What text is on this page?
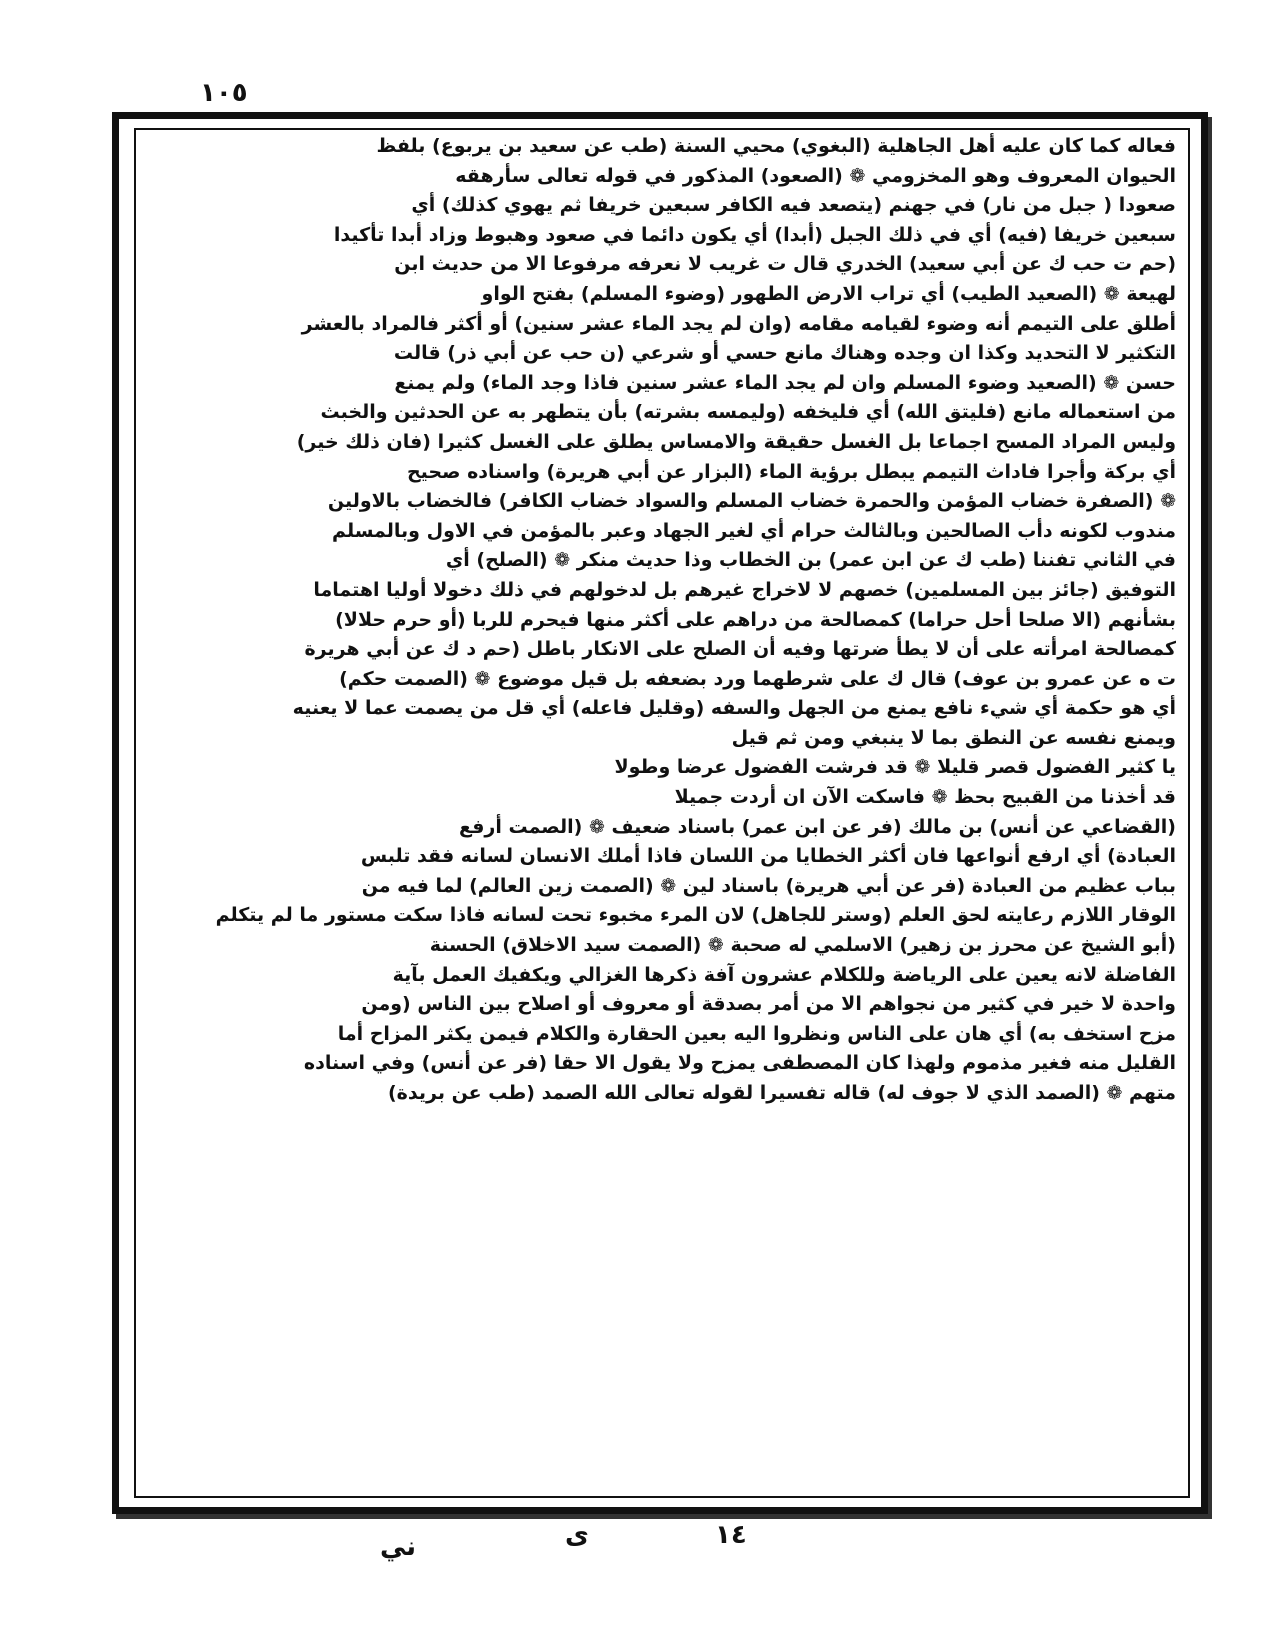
١٠٥
فعاله كما كان عليه أهل الجاهلية (البغوي) محيي السنة (طب عن سعيد بن يربوع) بلفظ
الحيوان المعروف وهو المخزومي ❁ (الصعود) المذكور في قوله تعالى سأرهقه
صعودا ( جبل من نار) في جهنم (يتصعد فيه الكافر سبعين خريفا ثم يهوي كذلك) أي
سبعين خريفا (فيه) أي في ذلك الجبل (أبدا) أي يكون دائما في صعود وهبوط وزاد أبدا تأكيدا
(حم ت حب ك عن أبي سعيد) الخدري قال ت غريب لا نعرفه مرفوعا الا من حديث ابن
لهيعة ❁ (الصعيد الطيب) أي تراب الارض الطهور (وضوء المسلم) بفتح الواو
أطلق على التيمم أنه وضوء لقيامه مقامه (وان لم يجد الماء عشر سنين) أو أكثر فالمراد بالعشر
التكثير لا التحديد وكذا ان وجده وهناك مانع حسي أو شرعي (ن حب عن أبي ذر) قالت
حسن ❁ (الصعيد وضوء المسلم وان لم يجد الماء عشر سنين فاذا وجد الماء) ولم يمنع
من استعماله مانع (فليتق الله) أي فليخفه (وليمسه بشرته) بأن يتطهر به عن الحدثين والخبث
وليس المراد المسح اجماعا بل الغسل حقيقة والامساس يطلق على الغسل كثيرا (فان ذلك خير)
أي بركة وأجرا فاداث التيمم يبطل برؤية الماء (البزار عن أبي هريرة) واسناده صحيح
❁ (الصفرة خضاب المؤمن والحمرة خضاب المسلم والسواد خضاب الكافر) فالخضاب بالاولين
مندوب لكونه دأب الصالحين وبالثالث حرام أي لغير الجهاد وعبر بالمؤمن في الاول وبالمسلم
في الثاني تفننا (طب ك عن ابن عمر) بن الخطاب وذا حديث منكر ❁ (الصلح) أي
التوفيق (جائز بين المسلمين) خصهم لا لاخراج غيرهم بل لدخولهم في ذلك دخولا أوليا اهتماما
بشأنهم (الا صلحا أحل حراما) كمصالحة من دراهم على أكثر منها فيحرم للربا (أو حرم حلالا)
كمصالحة امرأته على أن لا يطأ ضرتها وفيه أن الصلح على الانكار باطل (حم د ك عن أبي هريرة
ت ه عن عمرو بن عوف) قال ك على شرطهما ورد بضعفه بل قيل موضوع ❁ (الصمت حكم)
أي هو حكمة أي شيء نافع يمنع من الجهل والسفه (وقليل فاعله) أي قل من يصمت عما لا يعنيه
ويمنع نفسه عن النطق بما لا ينبغي ومن ثم قيل
يا كثير الفضول قصر قليلا ❁ قد فرشت الفضول عرضا وطولا
قد أخذنا من القبيح بحظ ❁ فاسكت الآن ان أردت جميلا
(القضاعي عن أنس) بن مالك (فر عن ابن عمر) باسناد ضعيف ❁ (الصمت أرفع
العبادة) أي ارفع أنواعها فان أكثر الخطايا من اللسان فاذا أملك الانسان لسانه فقد تلبس
بباب عظيم من العبادة (فر عن أبي هريرة) باسناد لين ❁ (الصمت زين العالم) لما فيه من
الوقار اللازم رعايته لحق العلم (وستر للجاهل) لان المرء مخبوء تحت لسانه فاذا سكت مستور ما لم يتكلم
(أبو الشيخ عن محرز بن زهير) الاسلمي له صحبة ❁ (الصمت سيد الاخلاق) الحسنة
الفاضلة لانه يعين على الرياضة وللكلام عشرون آفة ذكرها الغزالي ويكفيك العمل بآية
واحدة لا خير في كثير من نجواهم الا من أمر بصدقة أو معروف أو اصلاح بين الناس (ومن
مزح استخف به) أي هان على الناس ونظروا اليه بعين الحقارة والكلام فيمن يكثر المزاح أما
القليل منه فغير مذموم ولهذا كان المصطفى يمزح ولا يقول الا حقا (فر عن أنس) وفي اسناده
متهم ❁ (الصمد الذي لا جوف له) قاله تفسيرا لقوله تعالى الله الصمد (طب عن بريدة)
ني	ى	١٤
